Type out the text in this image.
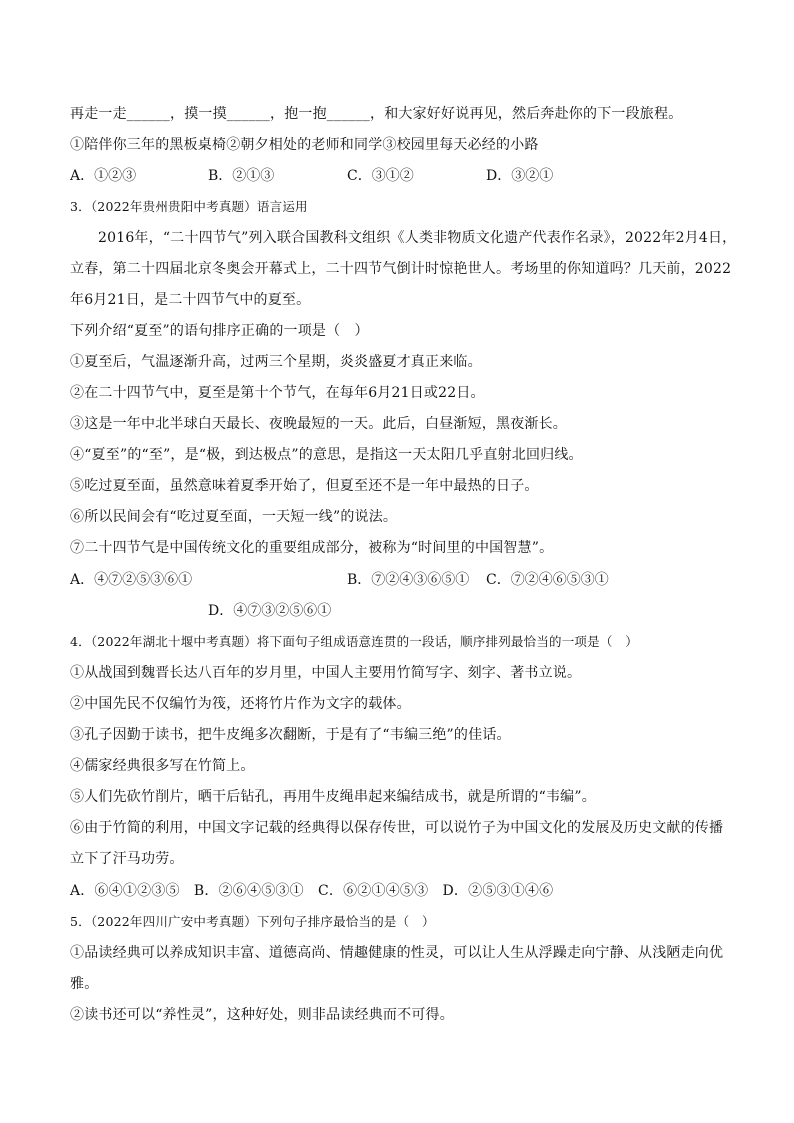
再走一走______，摸一摸______，抱一抱______，和大家好好说再见，然后奔赴你的下一段旅程。
①陪伴你三年的黑板桌椅②朝夕相处的老师和同学③校园里每天必经的小路
A．①②③	B．②①③	C．③①②	D．③②①
3．（2022年贵州贵阳中考真题）语言运用
2016年，“二十四节气”列入联合国教科文组织《人类非物质文化遗产代表作名录》，2022年2月4日，
立春，第二十四届北京冬奥会开幕式上，二十四节气倒计时惊艳世人。考场里的你知道吗？几天前，2022
年6月21日，是二十四节气中的夏至。
下列介绍“夏至”的语句排序正确的一项是（　）
①夏至后，气温逐渐升高，过两三个星期，炎炎盛夏才真正来临。
②在二十四节气中，夏至是第十个节气，在每年6月21日或22日。
③这是一年中北半球白天最长、夜晚最短的一天。此后，白昼渐短，黑夜渐长。
④“夏至”的“至”，是“极，到达极点”的意思，是指这一天太阳几乎直射北回归线。
⑤吃过夏至面，虽然意味着夏季开始了，但夏至还不是一年中最热的日子。
⑥所以民间会有“吃过夏至面，一天短一线”的说法。
⑦二十四节气是中国传统文化的重要组成部分，被称为“时间里的中国智慧”。
A．④⑦②⑤③⑥①	B．⑦②④③⑥⑤① C．⑦②④⑥⑤③①
D．④⑦③②⑤⑥①
4．（2022年湖北十堰中考真题）将下面句子组成语意连贯的一段话，顺序排列最恰当的一项是（　）
①从战国到魏晋长达八百年的岁月里，中国人主要用竹简写字、刻字、著书立说。
②中国先民不仅编竹为筏，还将竹片作为文字的载体。
③孔子因勤于读书，把牛皮绳多次翻断，于是有了“韦编三绝”的佳话。
④儒家经典很多写在竹简上。
⑤人们先砍竹削片，晒干后钻孔，再用牛皮绳串起来编结成书，就是所谓的“韦编”。
⑥由于竹简的利用，中国文字记载的经典得以保存传世，可以说竹子为中国文化的发展及历史文献的传播
立下了汗马功劳。
A．⑥④①②③⑤　B．②⑥④⑤③①　C．⑥②①④⑤③　D．②⑤③①④⑥
5．（2022年四川广安中考真题）下列句子排序最恰当的是（　）
①品读经典可以养成知识丰富、道德高尚、情趣健康的性灵，可以让人生从浮躁走向宁静、从浅陋走向优
雅。
②读书还可以“养性灵”，这种好处，则非品读经典而不可得。
